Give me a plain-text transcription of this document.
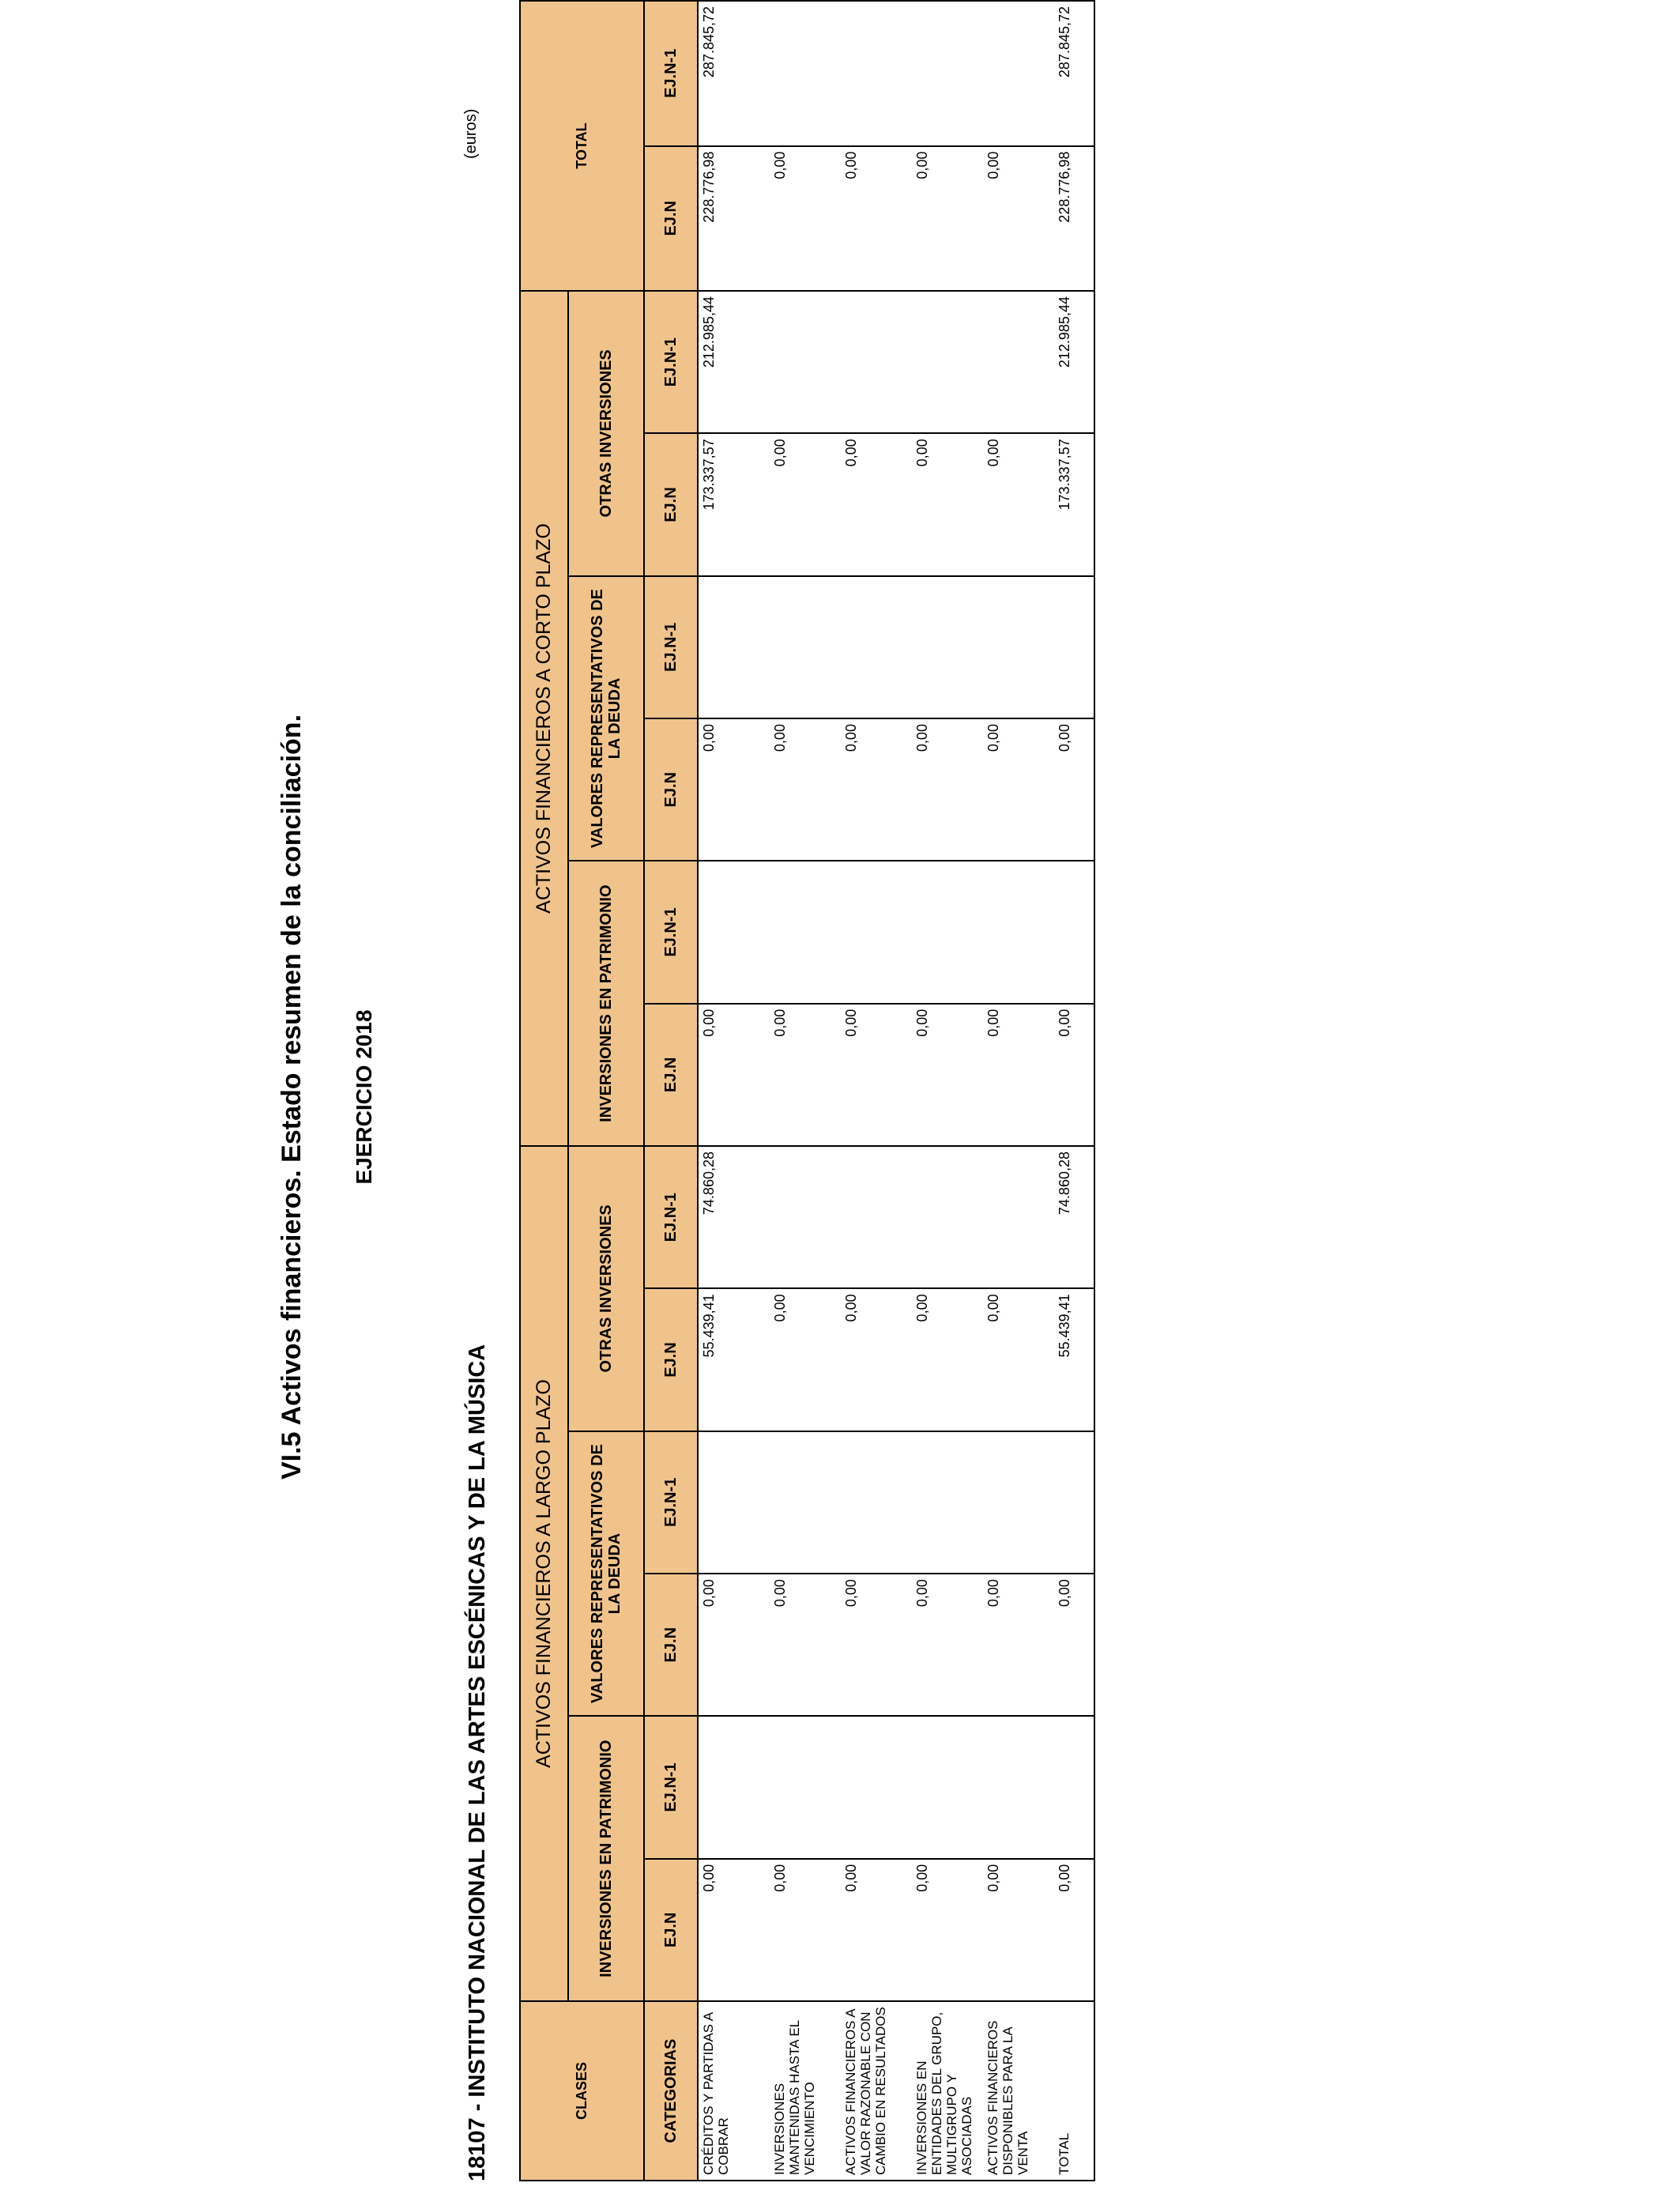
VI.5 Activos financieros. Estado resumen de la conciliación. EJERCICIO 2018
18107 - INSTITUTO NACIONAL DE LAS ARTES ESCÉNICAS Y DE LA MÚSICA
(euros)
CLASES	ACTIVOS FINANCIEROS A LARGO PLAZO						ACTIVOS FINANCIEROS A CORTO PLAZO						TOTAL	
	INVERSIONES EN PATRIMONIO		VALORES REPRESENTATIVOS DE LA DEUDA		OTRAS INVERSIONES		INVERSIONES EN PATRIMONIO		VALORES REPRESENTATIVOS DE LA DEUDA		OTRAS INVERSIONES			
CATEGORIAS	EJ.N	EJ.N-1	EJ.N	EJ.N-1	EJ.N	EJ.N-1	EJ.N	EJ.N-1	EJ.N	EJ.N-1	EJ.N	EJ.N-1	EJ.N	EJ.N-1
CRÉDITOS Y PARTIDAS A COBRAR	0,00		0,00		55.439,41	74.860,28	0,00		0,00		173.337,57	212.985,44	228.776,98	287.845,72
INVERSIONES MANTENIDAS HASTA EL VENCIMIENTO	0,00		0,00		0,00		0,00		0,00		0,00		0,00	
ACTIVOS FINANCIEROS A VALOR RAZONABLE CON CAMBIO EN RESULTADOS	0,00		0,00		0,00		0,00		0,00		0,00		0,00	
INVERSIONES EN ENTIDADES DEL GRUPO, MULTIGRUPO Y ASOCIADAS	0,00		0,00		0,00		0,00		0,00		0,00		0,00	
ACTIVOS FINANCIEROS DISPONIBLES PARA LA VENTA	0,00		0,00		0,00		0,00		0,00		0,00		0,00	
TOTAL	0,00		0,00		55.439,41	74.860,28	0,00		0,00		173.337,57	212.985,44	228.776,98	287.845,72
